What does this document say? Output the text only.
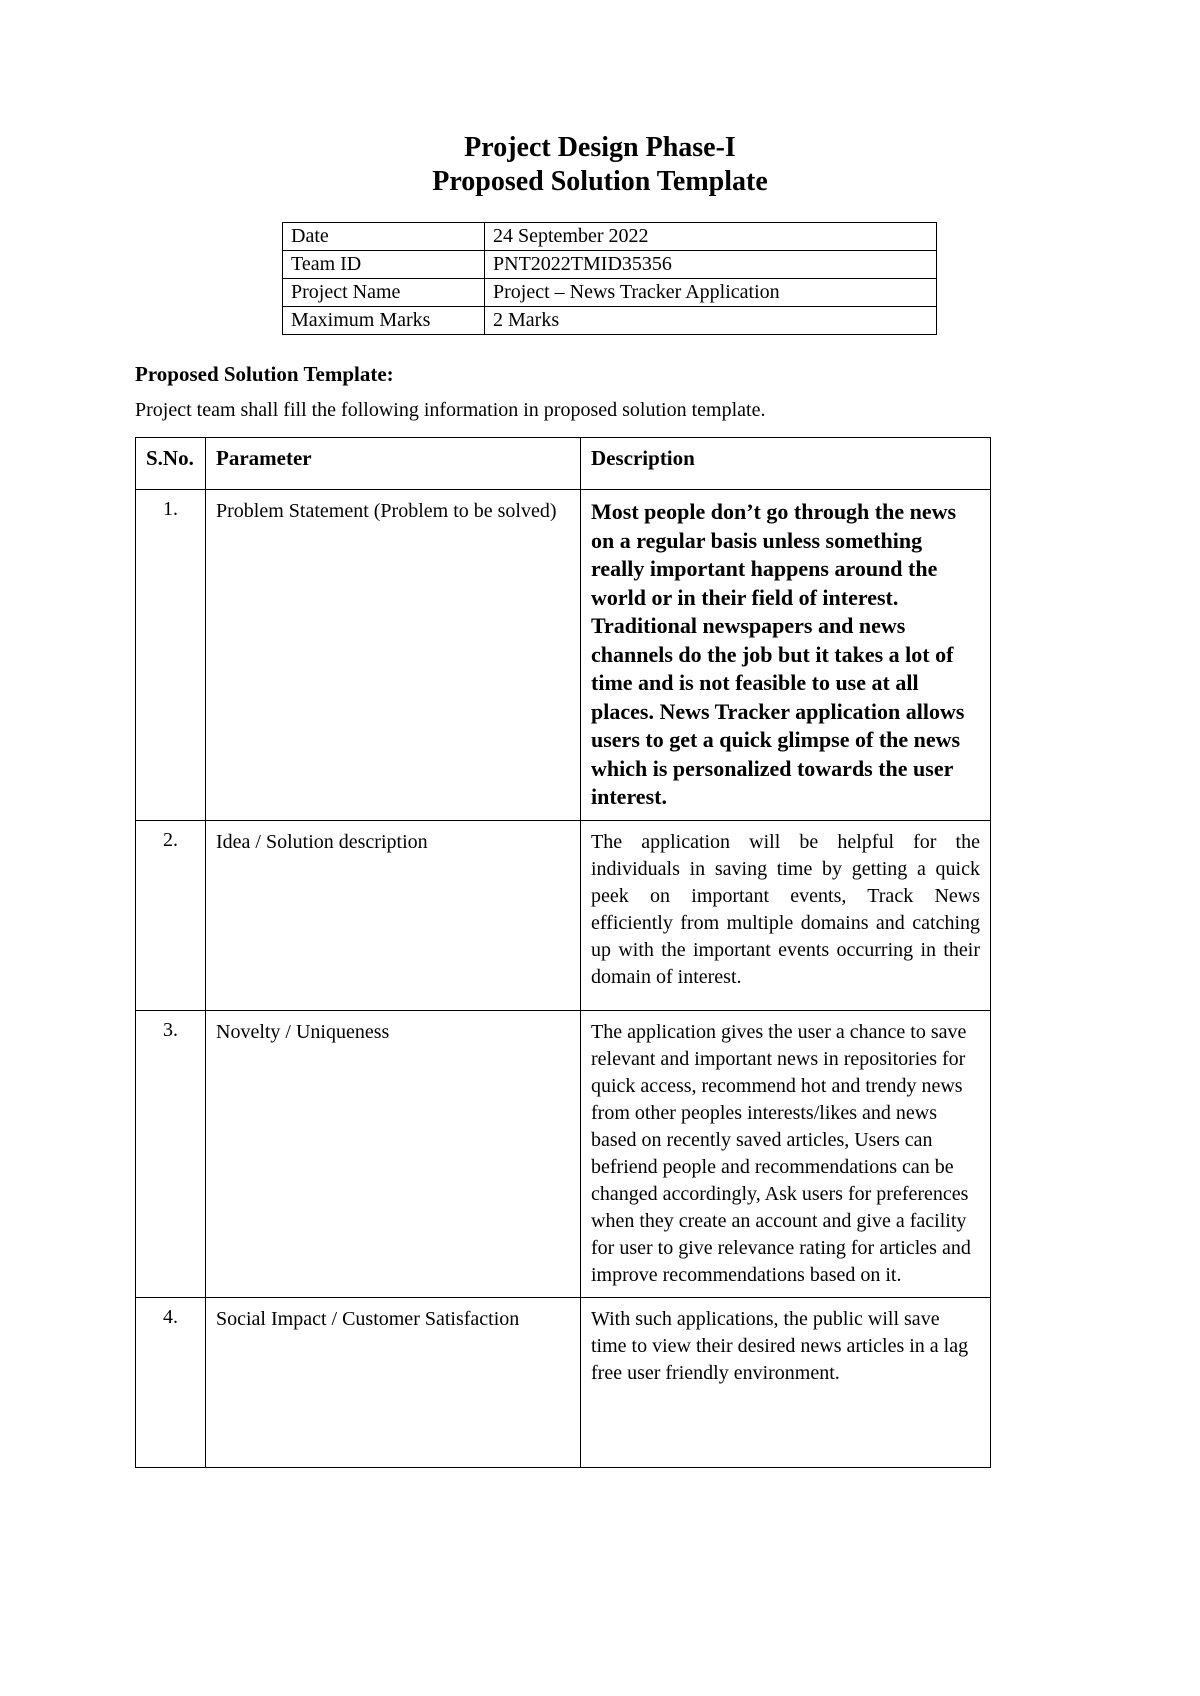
Project Design Phase-I
Proposed Solution Template
Date	24 September 2022
Team ID	PNT2022TMID35356
Project Name	Project – News Tracker Application
Maximum Marks	2 Marks
Proposed Solution Template:
Project team shall fill the following information in proposed solution template.
S.No.	Parameter	Description
1.	Problem Statement (Problem to be solved)	Most people don’t go through the news on a regular basis unless something really important happens around the world or in their field of interest. Traditional newspapers and news channels do the job but it takes a lot of time and is not feasible to use at all places. News Tracker application allows users to get a quick glimpse of the news which is personalized towards the user interest.
2.	Idea / Solution description	The application will be helpful for the individuals in saving time by getting a quick peek on important events, Track News efficiently from multiple domains and catching up with the important events occurring in their domain of interest.
3.	Novelty / Uniqueness	The application gives the user a chance to save relevant and important news in repositories for quick access, recommend hot and trendy news from other peoples interests/likes and news based on recently saved articles, Users can befriend people and recommendations can be changed accordingly, Ask users for preferences when they create an account and give a facility for user to give relevance rating for articles and improve recommendations based on it.
4.	Social Impact / Customer Satisfaction	With such applications, the public will save time to view their desired news articles in a lag free user friendly environment.
